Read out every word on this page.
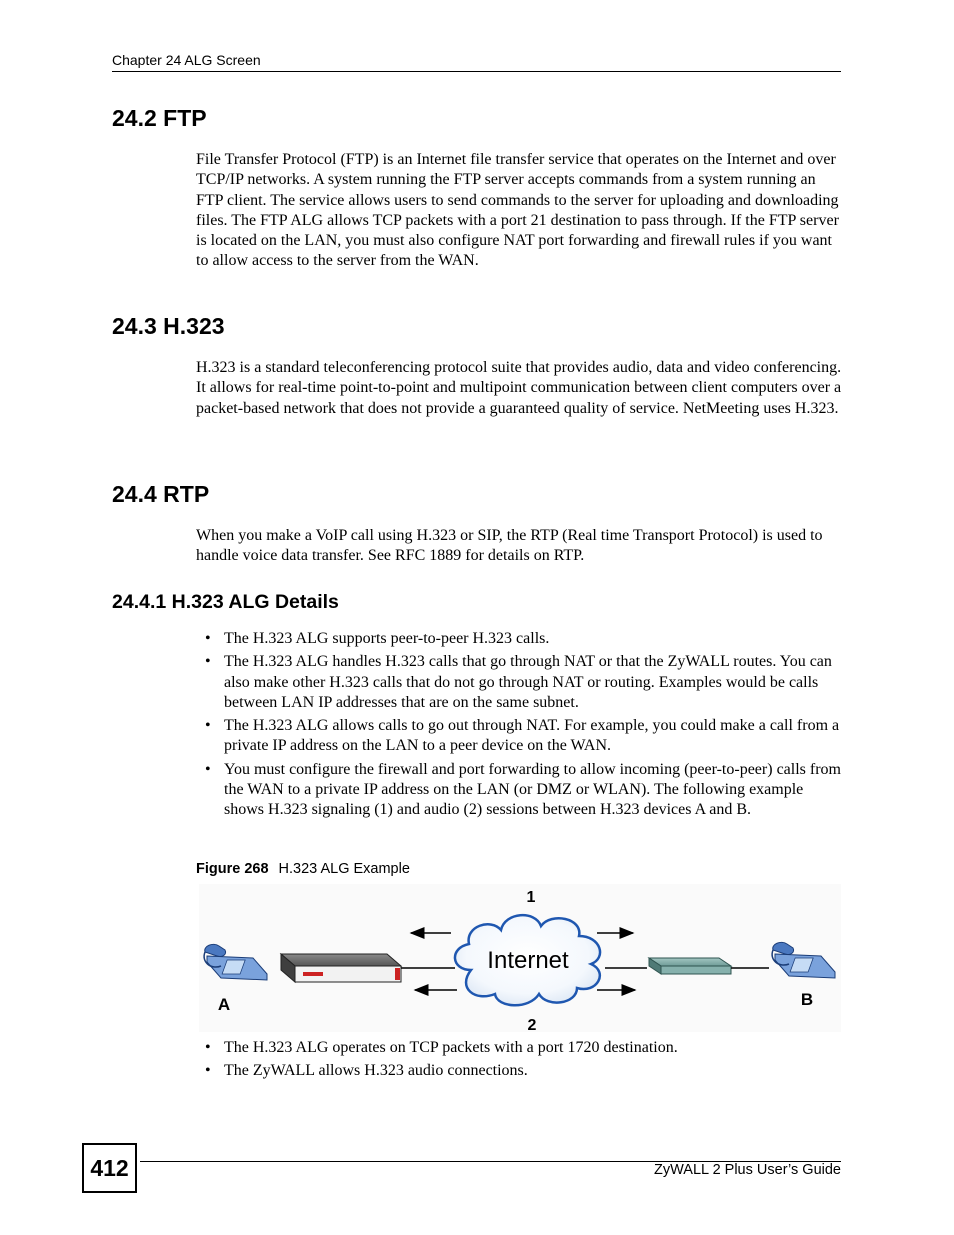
Chapter 24 ALG Screen
24.2 FTP

File Transfer Protocol (FTP) is an Internet file transfer service that operates on the Internet and over TCP/IP networks. A system running the FTP server accepts commands from a system running an FTP client. The service allows users to send commands to the server for uploading and downloading files. The FTP ALG allows TCP packets with a port 21 destination to pass through. If the FTP server is located on the LAN, you must also configure NAT port forwarding and firewall rules if you want to allow access to the server from the WAN.

24.3 H.323

H.323 is a standard teleconferencing protocol suite that provides audio, data and video conferencing. It allows for real-time point-to-point and multipoint communication between client computers over a packet-based network that does not provide a guaranteed quality of service. NetMeeting uses H.323.

24.4 RTP

When you make a VoIP call using H.323 or SIP, the RTP (Real time Transport Protocol) is used to handle voice data transfer. See RFC 1889 for details on RTP.

24.4.1 H.323 ALG Details
• The H.323 ALG supports peer-to-peer H.323 calls.
• The H.323 ALG handles H.323 calls that go through NAT or that the ZyWALL routes. You can also make other H.323 calls that do not go through NAT or routing. Examples would be calls between LAN IP addresses that are on the same subnet.
• The H.323 ALG allows calls to go out through NAT. For example, you could make a call from a private IP address on the LAN to a peer device on the WAN.
• You must configure the firewall and port forwarding to allow incoming (peer-to-peer) calls from the WAN to a private IP address on the LAN (or DMZ or WLAN). The following example shows H.323 signaling (1) and audio (2) sessions between H.323 devices A and B.
Figure 268 H.323 ALG Example
Internet
1
2
A	B
• The H.323 ALG operates on TCP packets with a port 1720 destination.
• The ZyWALL allows H.323 audio connections.
412	ZyWALL 2 Plus User’s Guide
